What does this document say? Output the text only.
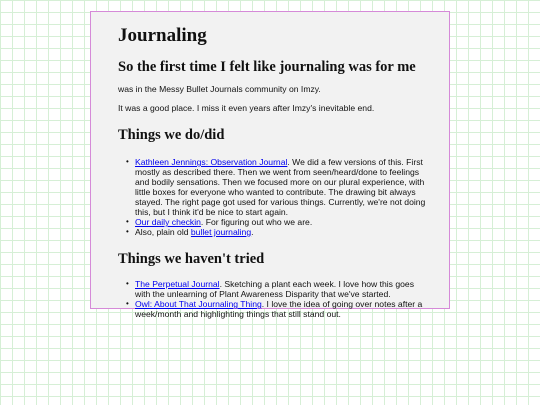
Journaling
So the first time I felt like journaling was for me

was in the Messy Bullet Journals community on Imzy.

It was a good place. I miss it even years after Imzy's inevitable end.

Things we do/did
• Kathleen Jennings: Observation Journal. We did a few versions of this. First mostly as described there. Then we went from seen/heard/done to feelings and bodily sensations. Then we focused more on our plural experience, with little boxes for everyone who wanted to contribute. The drawing bit always stayed. The right page got used for various things. Currently, we're not doing this, but I think it'd be nice to start again.
• Our daily checkin. For figuring out who we are.
• Also, plain old bullet journaling.
Things we haven't tried
• The Perpetual Journal. Sketching a plant each week. I love how this goes with the unlearning of Plant Awareness Disparity that we've started.
• Owl: About That Journaling Thing. I love the idea of going over notes after a week/month and highlighting things that still stand out.
